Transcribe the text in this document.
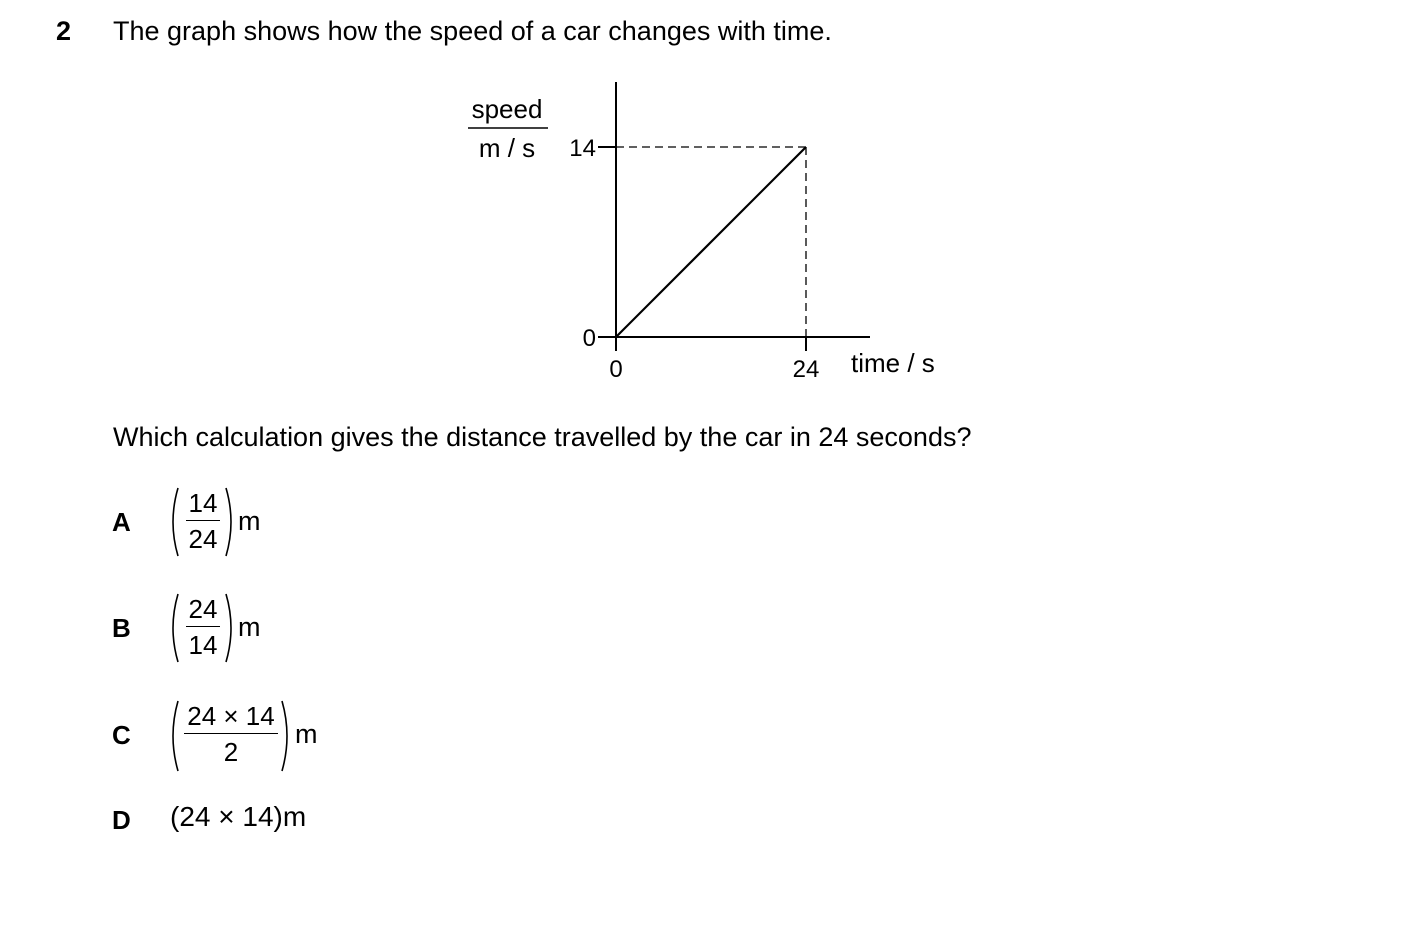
2 The graph shows how the speed of a car changes with time.
speed
m / s 14
0
0	24 time / s
Which calculation gives the distance travelled by the car in 24 seconds?
A
14
24
m
B
24
14
m
C
24 × 14
2
m
D (24 × 14)m
